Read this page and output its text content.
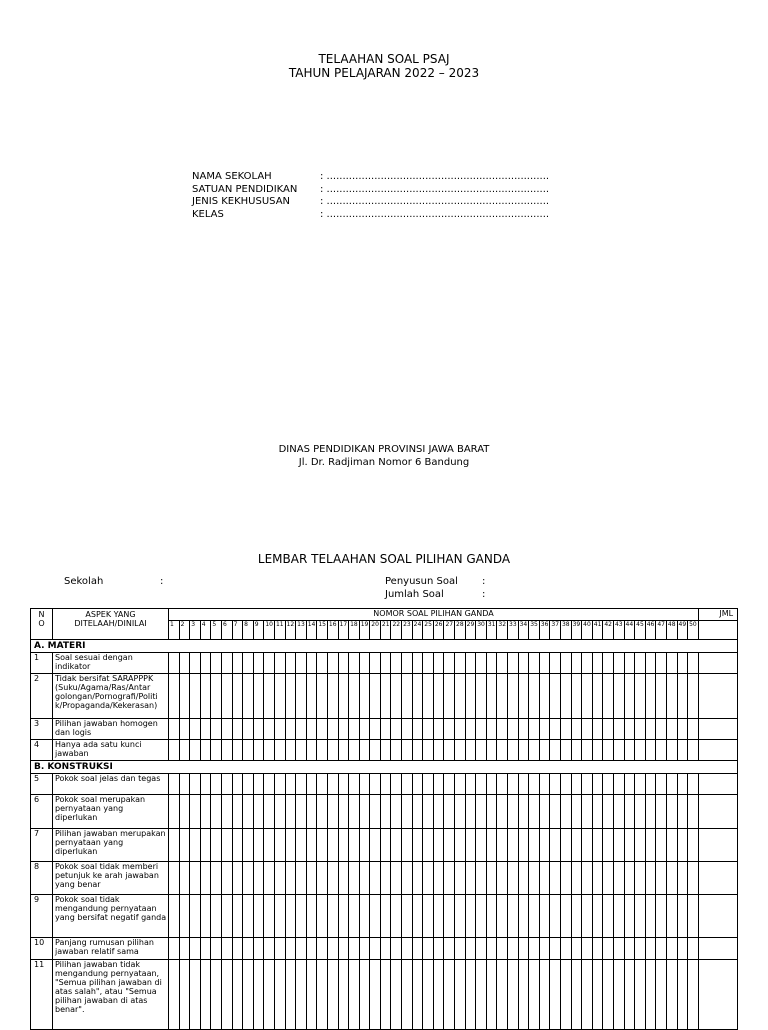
TELAAHAN SOAL PSAJ
TAHUN PELAJARAN 2022 – 2023
NAMA SEKOLAH	: ......................................................................
SATUAN PENDIDIKAN	: ......................................................................
JENIS KEKHUSUSAN	: ......................................................................
KELAS	: ......................................................................
DINAS PENDIDIKAN PROVINSI JAWA BARAT
Jl. Dr. Radjiman Nomor 6 Bandung
LEMBAR TELAAHAN SOAL PILIHAN GANDA
Sekolah	:	Penyusun Soal :
Jumlah Soal	:
N O	ASPEK YANG DITELAAH/DINILAI	NOMOR SOAL PILIHAN GANDA																																																		JML
		1	2	3	4	5	6	7	8	9	10	11	12	13	14	15	16	17	18	19	20	21	22	23	24	25	26	27	28	29	30	31	32	33	34	35	36	37	38	39	40	41	42	43	44	45	46	47	48	49	50	
A. MATERI																																																				
1	Soal sesuai dengan indikator																																																			
2	Tidak bersifat SARAPPPK (Suku/Agama/Ras/Antar golongan/Pornografi/Politi k/Propaganda/Kekerasan)																																																			
3	Pilihan jawaban homogen dan logis																																																			
4	Hanya ada satu kunci jawaban																																																			
B. KONSTRUKSI																																																				
5	Pokok soal jelas dan tegas																																																			
6	Pokok soal merupakan pernyataan yang diperlukan																																																			
7	Pilihan jawaban merupakan pernyataan yang diperlukan																																																			
8	Pokok soal tidak memberi petunjuk ke arah jawaban yang benar																																																			
9	Pokok soal tidak mengandung pernyataan yang bersifat negatif ganda																																																			
10	Panjang rumusan pilihan jawaban relatif sama																																																			
11	Pilihan jawaban tidak mengandung pernyataan, "Semua pilihan jawaban di atas salah", atau "Semua pilihan jawaban di atas benar".																																																			
